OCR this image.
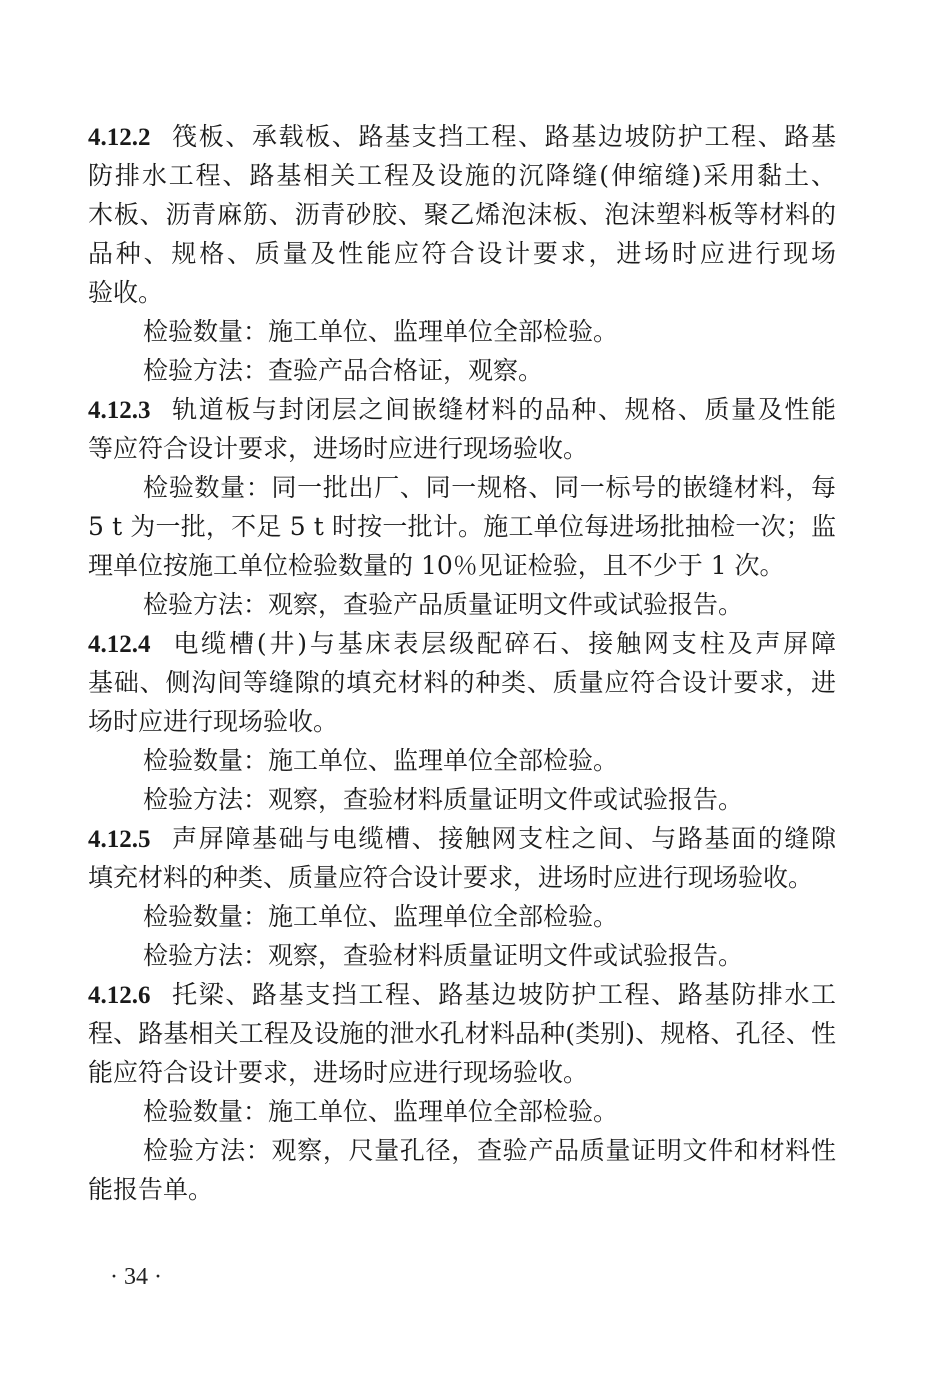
4.12.2 筏板、承载板、路基支挡工程、路基边坡防护工程、路基
防排水工程、路基相关工程及设施的沉降缝(伸缩缝)采用黏土、
木板、沥青麻筋、沥青砂胶、聚乙烯泡沫板、泡沫塑料板等材料的
品种、规格、质量及性能应符合设计要求，进场时应进行现场
验收。
检验数量：施工单位、监理单位全部检验。
检验方法：查验产品合格证，观察。
4.12.3 轨道板与封闭层之间嵌缝材料的品种、规格、质量及性能
等应符合设计要求，进场时应进行现场验收。
检验数量：同一批出厂、同一规格、同一标号的嵌缝材料，每
5 t 为一批，不足 5 t 时按一批计。施工单位每进场批抽检一次；监
理单位按施工单位检验数量的 10％见证检验，且不少于 1 次。
检验方法：观察，查验产品质量证明文件或试验报告。
4.12.4 电缆槽(井)与基床表层级配碎石、接触网支柱及声屏障
基础、侧沟间等缝隙的填充材料的种类、质量应符合设计要求，进
场时应进行现场验收。
检验数量：施工单位、监理单位全部检验。
检验方法：观察，查验材料质量证明文件或试验报告。
4.12.5 声屏障基础与电缆槽、接触网支柱之间、与路基面的缝隙
填充材料的种类、质量应符合设计要求，进场时应进行现场验收。
检验数量：施工单位、监理单位全部检验。
检验方法：观察，查验材料质量证明文件或试验报告。
4.12.6 托梁、路基支挡工程、路基边坡防护工程、路基防排水工
程、路基相关工程及设施的泄水孔材料品种(类别)、规格、孔径、性
能应符合设计要求，进场时应进行现场验收。
检验数量：施工单位、监理单位全部检验。
检验方法：观察，尺量孔径，查验产品质量证明文件和材料性
能报告单。
· 34 ·
